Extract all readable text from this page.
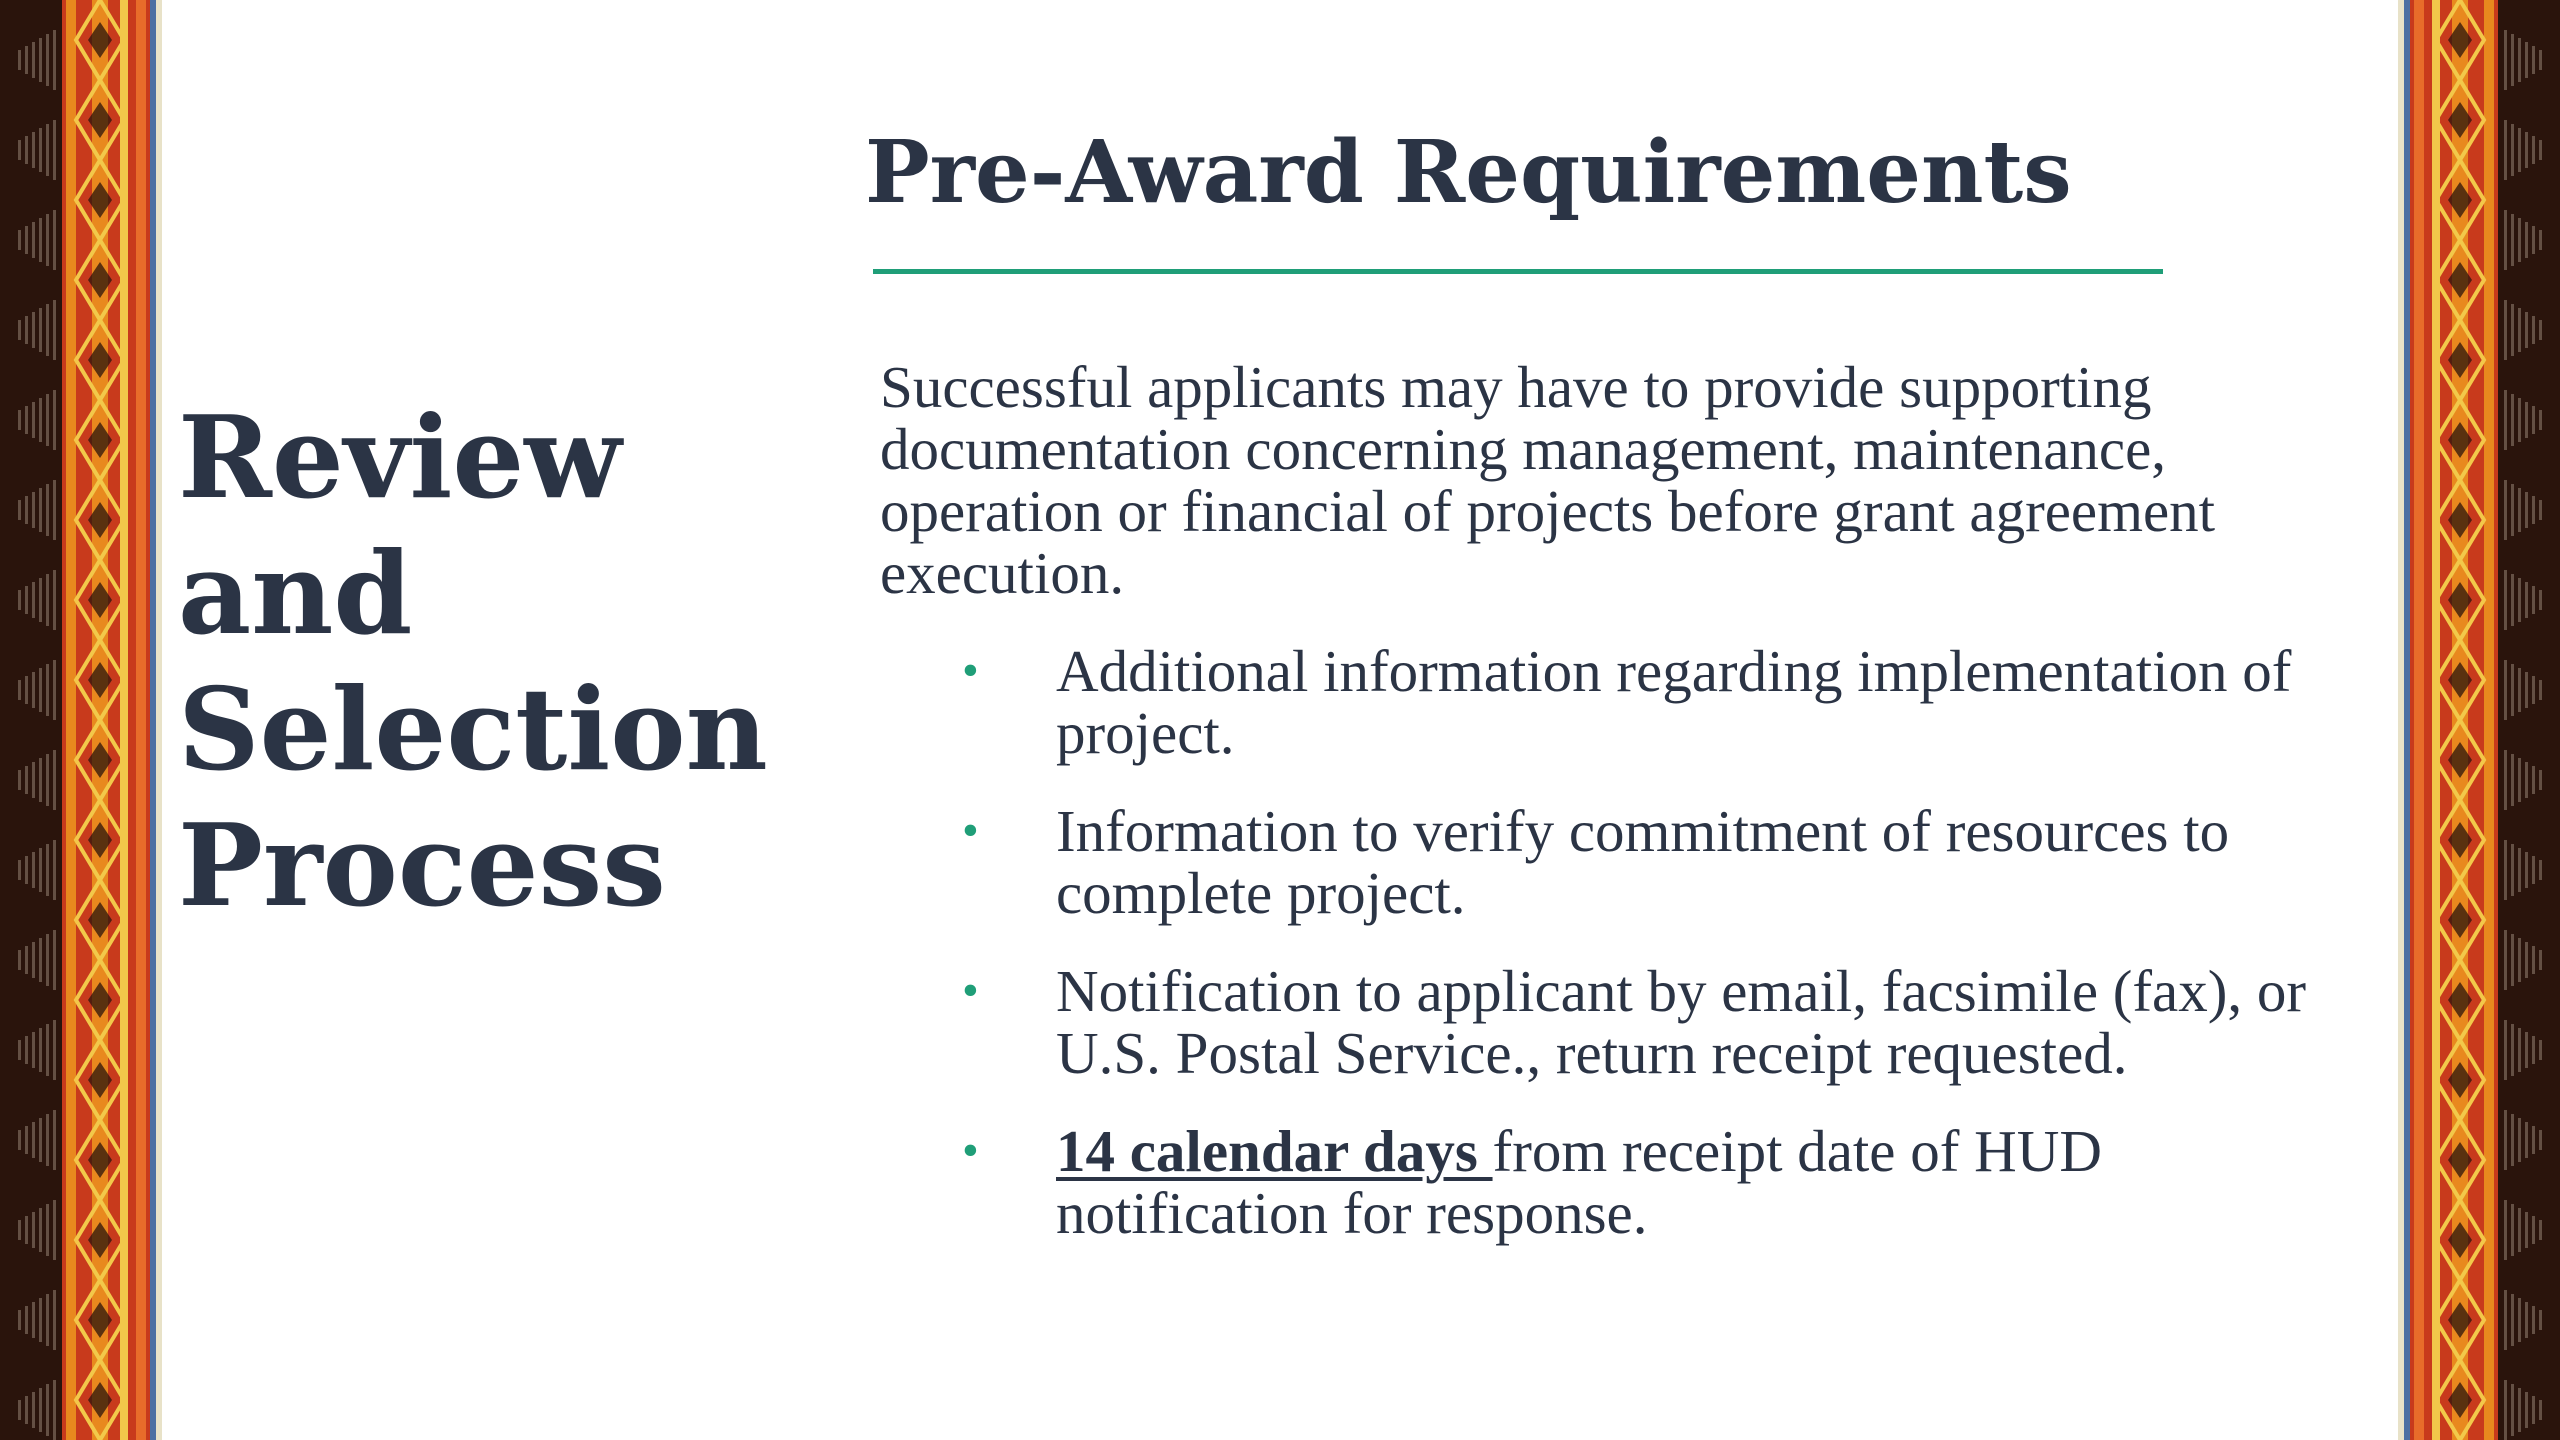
Review and Selection Process
Pre-Award Requirements

Successful applicants may have to provide supporting documentation concerning management, maintenance, operation or financial of projects before grant agreement execution.

• Additional information regarding implementation of project.
• Information to verify commitment of resources to complete project.
• Notification to applicant by email, facsimile (fax), or U.S. Postal Service., return receipt requested.
• 14 calendar days from receipt date of HUD notification for response.
